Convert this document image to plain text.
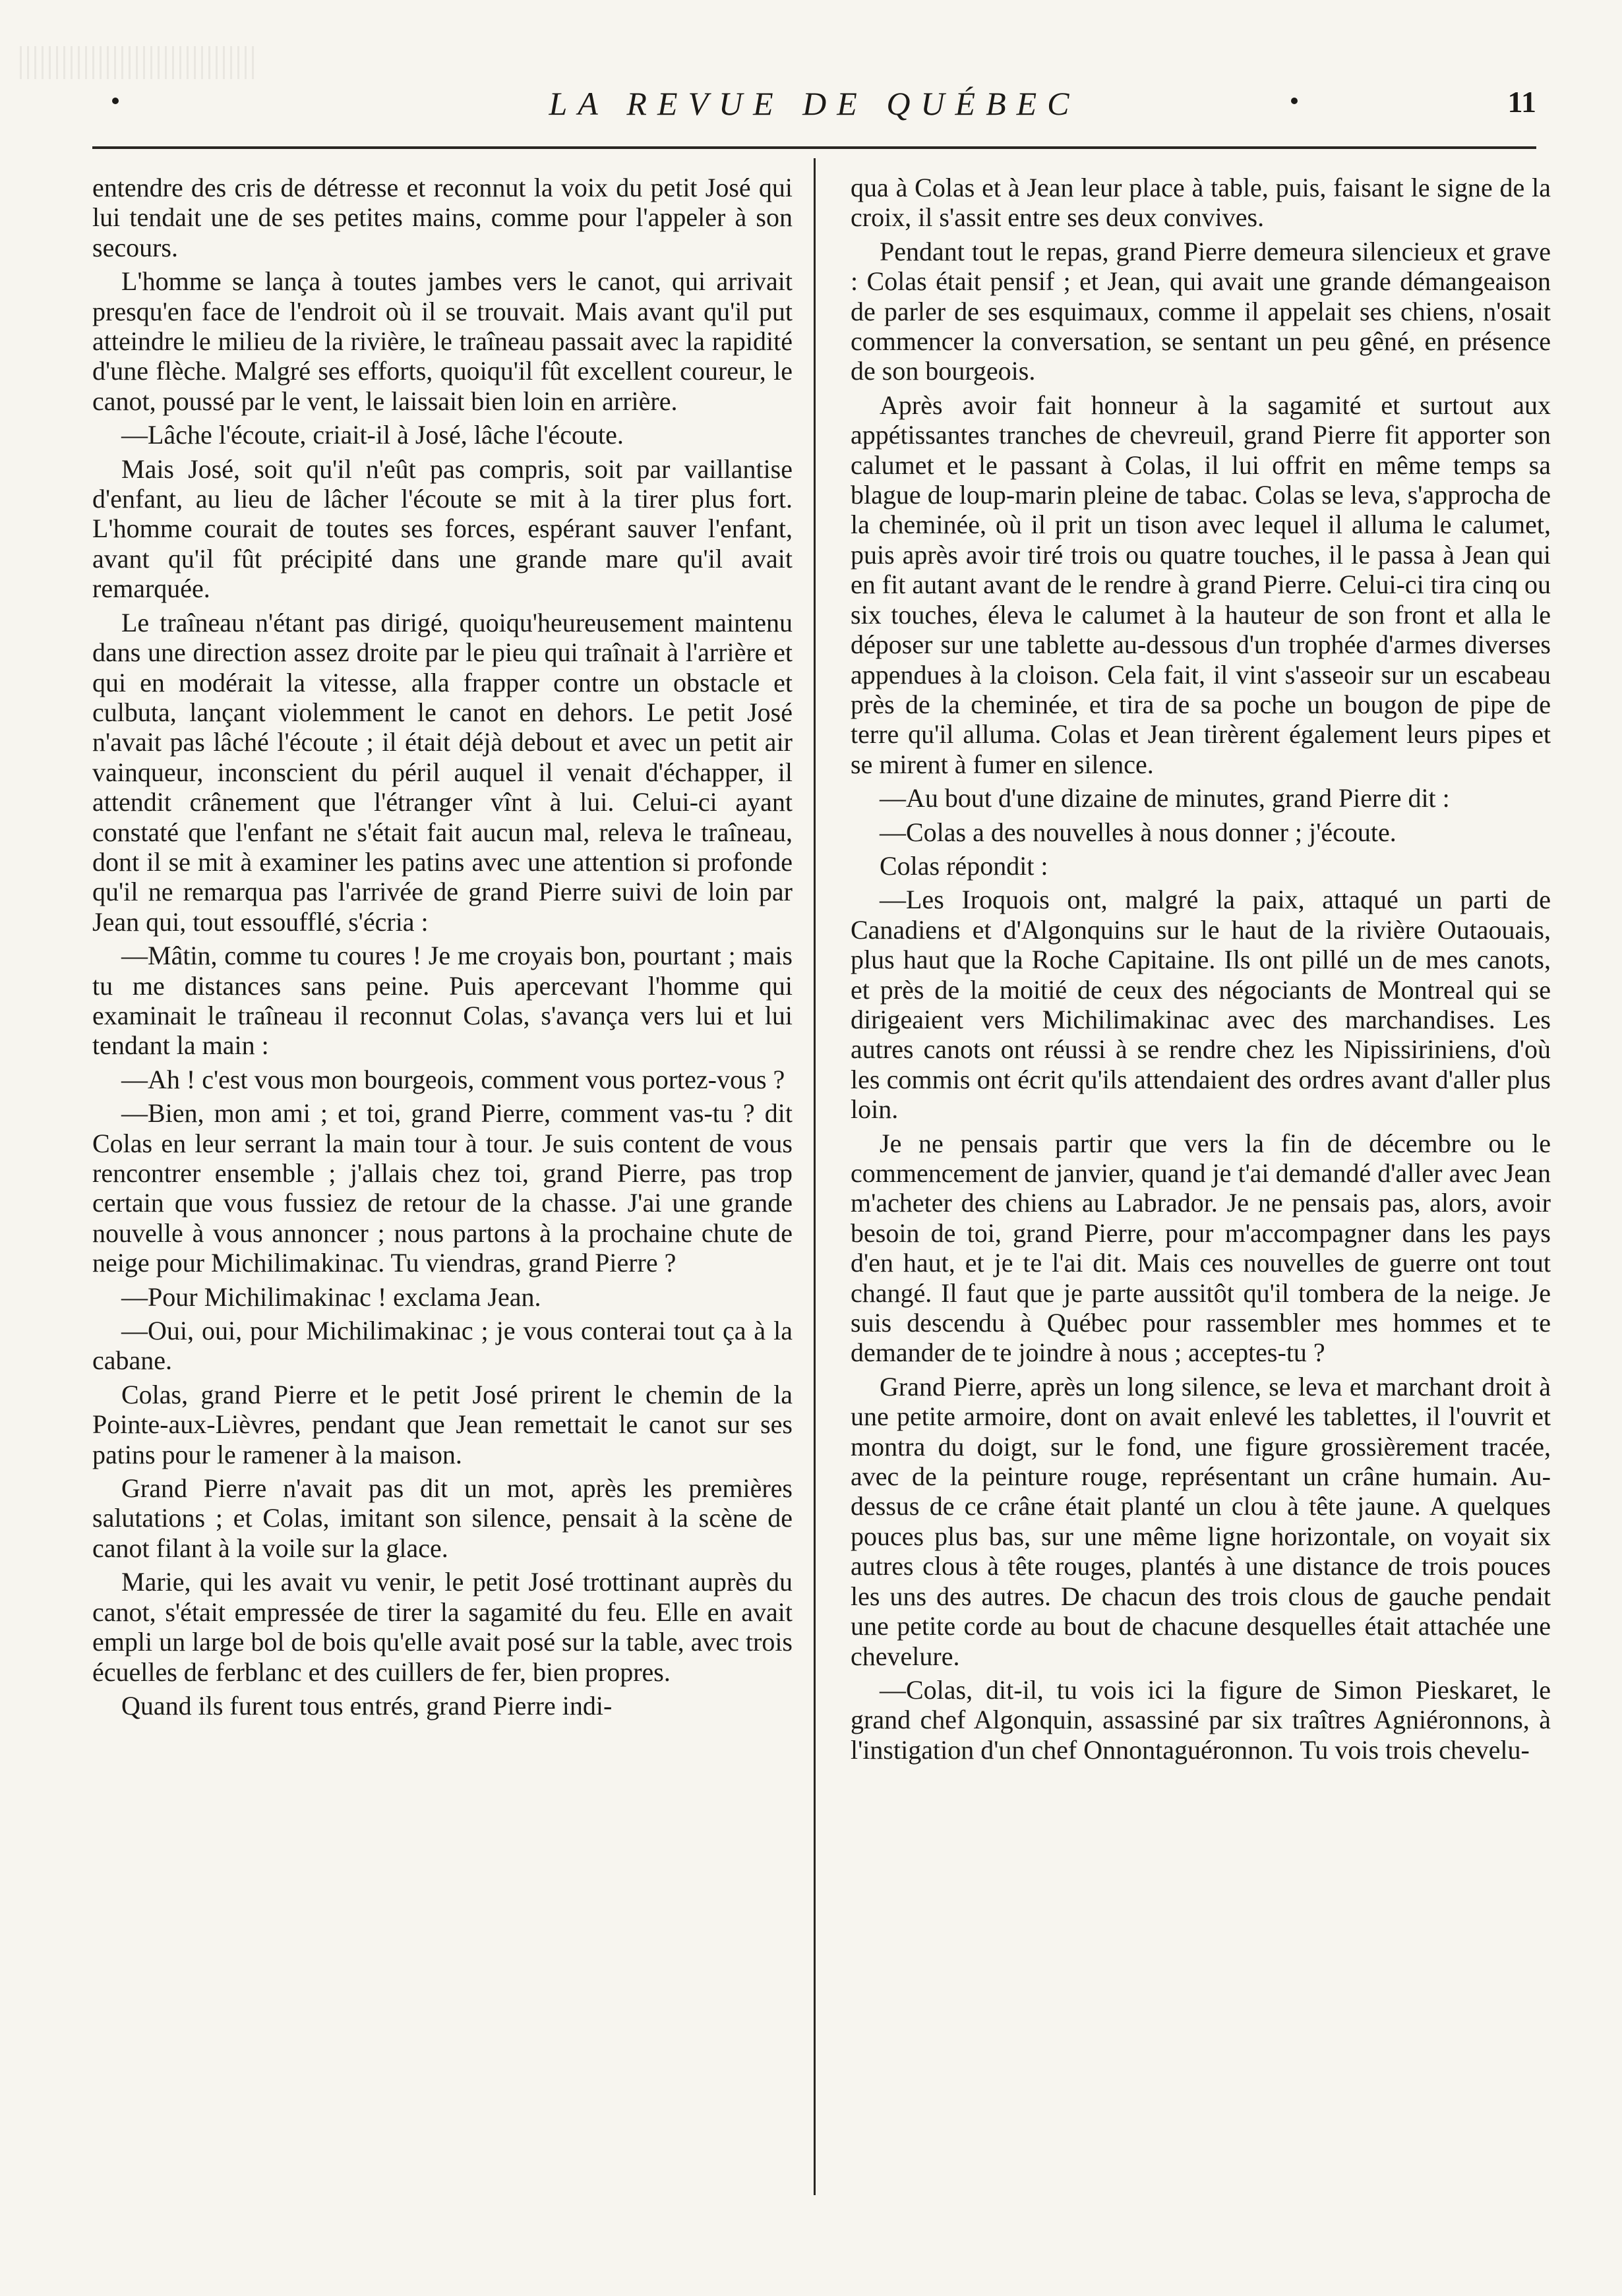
LA REVUE DE QUÉBEC	11

entendre des cris de détresse et reconnut la voix du petit José qui lui tendait une de ses petites mains, comme pour l'appeler à son secours.

L'homme se lança à toutes jambes vers le canot, qui arrivait presqu'en face de l'endroit où il se trouvait. Mais avant qu'il put atteindre le milieu de la rivière, le traîneau passait avec la rapidité d'une flèche. Malgré ses efforts, quoiqu'il fût excellent coureur, le canot, poussé par le vent, le laissait bien loin en arrière.

—Lâche l'écoute, criait-il à José, lâche l'écoute.

Mais José, soit qu'il n'eût pas compris, soit par vaillantise d'enfant, au lieu de lâcher l'écoute se mit à la tirer plus fort. L'homme courait de toutes ses forces, espérant sauver l'enfant, avant qu'il fût précipité dans une grande mare qu'il avait remarquée.

Le traîneau n'étant pas dirigé, quoiqu'heureusement maintenu dans une direction assez droite par le pieu qui traînait à l'arrière et qui en modérait la vitesse, alla frapper contre un obstacle et culbuta, lançant violemment le canot en dehors. Le petit José n'avait pas lâché l'écoute ; il était déjà debout et avec un petit air vainqueur, inconscient du péril auquel il venait d'échapper, il attendit crânement que l'étranger vînt à lui. Celui-ci ayant constaté que l'enfant ne s'était fait aucun mal, releva le traîneau, dont il se mit à examiner les patins avec une attention si profonde qu'il ne remarqua pas l'arrivée de grand Pierre suivi de loin par Jean qui, tout essoufflé, s'écria :

—Mâtin, comme tu coures ! Je me croyais bon, pourtant ; mais tu me distances sans peine. Puis apercevant l'homme qui examinait le traîneau il reconnut Colas, s'avança vers lui et lui tendant la main :

—Ah ! c'est vous mon bourgeois, comment vous portez-vous ?

—Bien, mon ami ; et toi, grand Pierre, comment vas-tu ? dit Colas en leur serrant la main tour à tour. Je suis content de vous rencontrer ensemble ; j'allais chez toi, grand Pierre, pas trop certain que vous fussiez de retour de la chasse. J'ai une grande nouvelle à vous annoncer ; nous partons à la prochaine chute de neige pour Michilimakinac. Tu viendras, grand Pierre ?

—Pour Michilimakinac ! exclama Jean.

—Oui, oui, pour Michilimakinac ; je vous conterai tout ça à la cabane.

Colas, grand Pierre et le petit José prirent le chemin de la Pointe-aux-Lièvres, pendant que Jean remettait le canot sur ses patins pour le ramener à la maison.

Grand Pierre n'avait pas dit un mot, après les premières salutations ; et Colas, imitant son silence, pensait à la scène de canot filant à la voile sur la glace.

Marie, qui les avait vu venir, le petit José trottinant auprès du canot, s'était empressée de tirer la sagamité du feu. Elle en avait empli un large bol de bois qu'elle avait posé sur la table, avec trois écuelles de ferblanc et des cuillers de fer, bien propres.

Quand ils furent tous entrés, grand Pierre indi-

qua à Colas et à Jean leur place à table, puis, faisant le signe de la croix, il s'assit entre ses deux convives.

Pendant tout le repas, grand Pierre demeura silencieux et grave : Colas était pensif ; et Jean, qui avait une grande démangeaison de parler de ses esquimaux, comme il appelait ses chiens, n'osait commencer la conversation, se sentant un peu gêné, en présence de son bourgeois.

Après avoir fait honneur à la sagamité et surtout aux appétissantes tranches de chevreuil, grand Pierre fit apporter son calumet et le passant à Colas, il lui offrit en même temps sa blague de loup-marin pleine de tabac. Colas se leva, s'approcha de la cheminée, où il prit un tison avec lequel il alluma le calumet, puis après avoir tiré trois ou quatre touches, il le passa à Jean qui en fit autant avant de le rendre à grand Pierre. Celui-ci tira cinq ou six touches, éleva le calumet à la hauteur de son front et alla le déposer sur une tablette au-dessous d'un trophée d'armes diverses appendues à la cloison. Cela fait, il vint s'asseoir sur un escabeau près de la cheminée, et tira de sa poche un bougon de pipe de terre qu'il alluma. Colas et Jean tirèrent également leurs pipes et se mirent à fumer en silence.

—Au bout d'une dizaine de minutes, grand Pierre dit :

—Colas a des nouvelles à nous donner ; j'écoute.

Colas répondit :

—Les Iroquois ont, malgré la paix, attaqué un parti de Canadiens et d'Algonquins sur le haut de la rivière Outaouais, plus haut que la Roche Capitaine. Ils ont pillé un de mes canots, et près de la moitié de ceux des négociants de Montreal qui se dirigeaient vers Michilimakinac avec des marchandises. Les autres canots ont réussi à se rendre chez les Nipissiriniens, d'où les commis ont écrit qu'ils attendaient des ordres avant d'aller plus loin.

Je ne pensais partir que vers la fin de décembre ou le commencement de janvier, quand je t'ai demandé d'aller avec Jean m'acheter des chiens au Labrador. Je ne pensais pas, alors, avoir besoin de toi, grand Pierre, pour m'accompagner dans les pays d'en haut, et je te l'ai dit. Mais ces nouvelles de guerre ont tout changé. Il faut que je parte aussitôt qu'il tombera de la neige. Je suis descendu à Québec pour rassembler mes hommes et te demander de te joindre à nous ; acceptes-tu ?

Grand Pierre, après un long silence, se leva et marchant droit à une petite armoire, dont on avait enlevé les tablettes, il l'ouvrit et montra du doigt, sur le fond, une figure grossièrement tracée, avec de la peinture rouge, représentant un crâne humain. Au-dessus de ce crâne était planté un clou à tête jaune. A quelques pouces plus bas, sur une même ligne horizontale, on voyait six autres clous à tête rouges, plantés à une distance de trois pouces les uns des autres. De chacun des trois clous de gauche pendait une petite corde au bout de chacune desquelles était attachée une chevelure.

—Colas, dit-il, tu vois ici la figure de Simon Pieskaret, le grand chef Algonquin, assassiné par six traîtres Agniéronnons, à l'instigation d'un chef Onnontaguéronnon. Tu vois trois chevelu-
